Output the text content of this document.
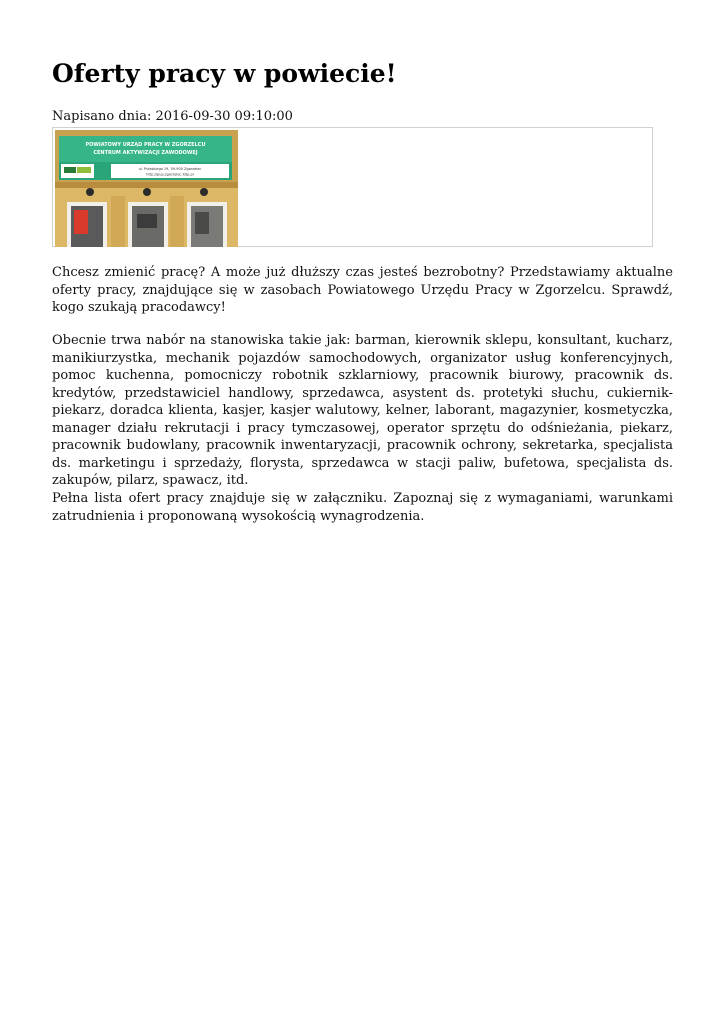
Oferty pracy w powiecie!
Napisano dnia: 2016-09-30 09:10:00
POWIATOWY URZĄD PRACY W ZGORZELCU
CENTRUM AKTYWIZACJI ZAWODOWEJ
ul. Pułaskiego 19, 59-900 Zgorzelec
http://pup.zgorzelec.itdp.pl

Chcesz zmienić pracę? A może już dłuższy czas jesteś bezrobotny? Przedstawiamy aktualne oferty pracy, znajdujące się w zasobach Powiatowego Urzędu Pracy w Zgorzelcu. Sprawdź, kogo szukają pracodawcy!

Obecnie trwa nabór na stanowiska takie jak: barman, kierownik sklepu, konsultant, kucharz, manikiurzystka, mechanik pojazdów samochodowych, organizator usług konferencyjnych, pomoc kuchenna, pomocniczy robotnik szklarniowy, pracownik biurowy, pracownik ds. kredytów, przedstawiciel handlowy, sprzedawca, asystent ds. protetyki słuchu, cukiernik-piekarz, doradca klienta, kasjer, kasjer walutowy, kelner, laborant, magazynier, kosmetyczka, manager działu rekrutacji i pracy tymczasowej, operator sprzętu do odśnieżania, piekarz, pracownik budowlany, pracownik inwentaryzacji, pracownik ochrony, sekretarka, specjalista ds. marketingu i sprzedaży, florysta, sprzedawca w stacji paliw, bufetowa, specjalista ds. zakupów, pilarz, spawacz, itd.

Pełna lista ofert pracy znajduje się w załączniku. Zapoznaj się z wymaganiami, warunkami zatrudnienia i proponowaną wysokością wynagrodzenia.
